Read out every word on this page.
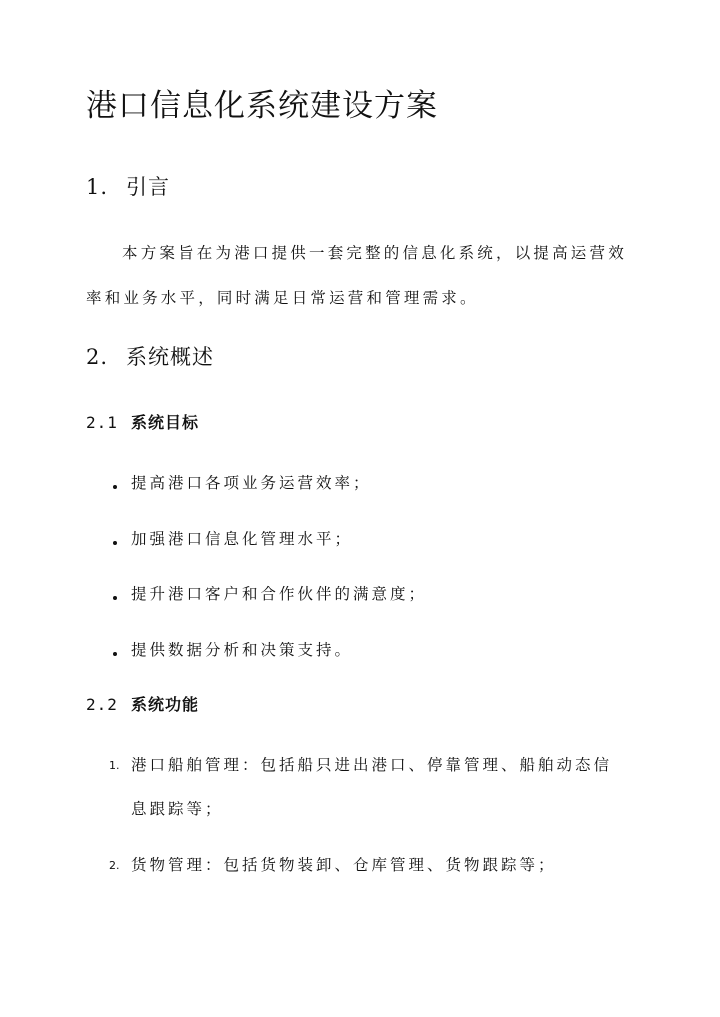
港口信息化系统建设方案
1. 引言
本方案旨在为港口提供一套完整的信息化系统，以提高运营效
率和业务水平，同时满足日常运营和管理需求。
2. 系统概述
2.1 系统目标
提高港口各项业务运营效率；
加强港口信息化管理水平；
提升港口客户和合作伙伴的满意度；
提供数据分析和决策支持。
2.2 系统功能
1. 港口船舶管理：包括船只进出港口、停靠管理、船舶动态信
息跟踪等；
2. 货物管理：包括货物装卸、仓库管理、货物跟踪等；
